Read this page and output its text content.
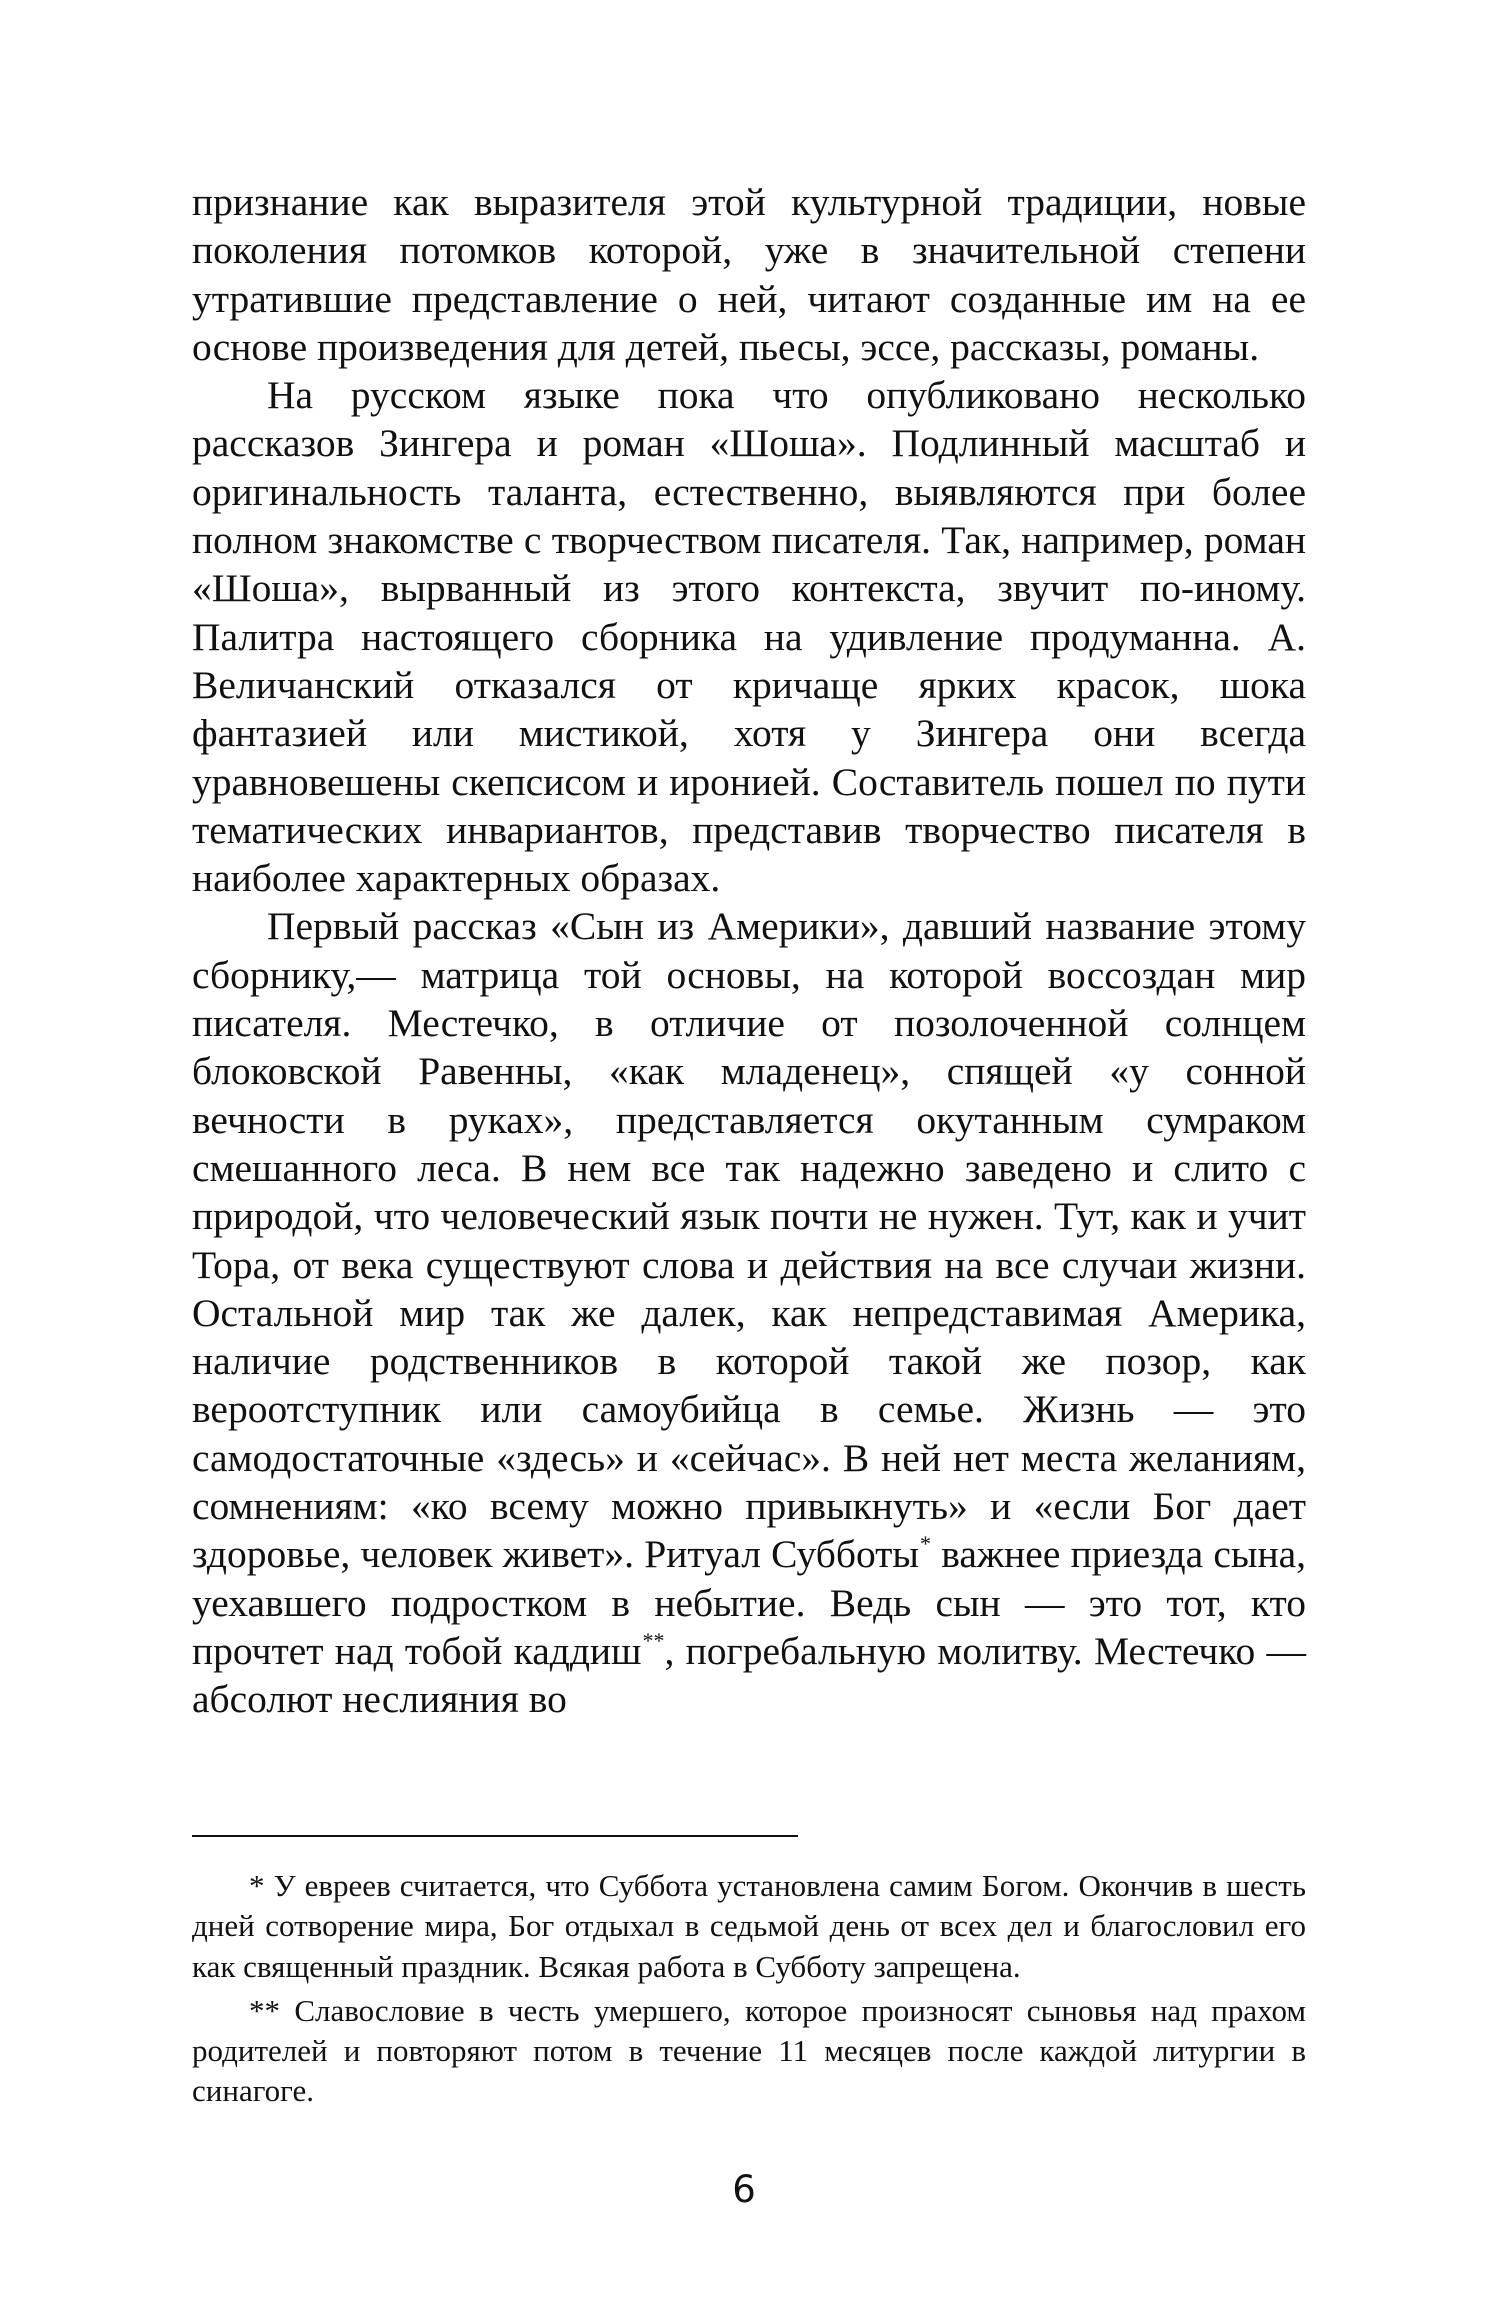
признание как выразителя этой культурной традиции, новые поколения потомков которой, уже в значительной степени утратившие представление о ней, читают созданные им на ее основе произведения для детей, пьесы, эссе, рассказы, романы.

На русском языке пока что опубликовано несколько рассказов Зингера и роман «Шоша». Подлинный масштаб и оригинальность таланта, естественно, выявляются при более полном знакомстве с творчеством писателя. Так, например, роман «Шоша», вырванный из этого контекста, звучит по-иному. Палитра настоящего сборника на удивление продуманна. А. Величанский отказался от кричаще ярких красок, шока фантазией или мистикой, хотя у Зингера они всегда уравновешены скепсисом и иронией. Составитель пошел по пути тематических инвариантов, представив творчество писателя в наиболее характерных образах.

Первый рассказ «Сын из Америки», давший название этому сборнику,— матрица той основы, на которой воссоздан мир писателя. Местечко, в отличие от позолоченной солнцем блоковской Равенны, «как младенец», спящей «у сонной вечности в руках», представляется окутанным сумраком смешанного леса. В нем все так надежно заведено и слито с природой, что человеческий язык почти не нужен. Тут, как и учит Тора, от века существуют слова и действия на все случаи жизни. Остальной мир так же далек, как непредставимая Америка, наличие родственников в которой такой же позор, как вероотступник или самоубийца в семье. Жизнь — это самодостаточные «здесь» и «сейчас». В ней нет места желаниям, сомнениям: «ко всему можно привыкнуть» и «если Бог дает здоровье, человек живет». Ритуал Субботы* важнее приезда сына, уехавшего подростком в небытие. Ведь сын — это тот, кто прочтет над тобой каддиш**, погребальную молитву. Местечко — абсолют неслияния во

* У евреев считается, что Суббота установлена самим Богом. Окончив в шесть дней сотворение мира, Бог отдыхал в седьмой день от всех дел и благословил его как священный праздник. Всякая работа в Субботу запрещена.

** Славословие в честь умершего, которое произносят сыновья над прахом родителей и повторяют потом в течение 11 месяцев после каждой литургии в синагоге.

6
